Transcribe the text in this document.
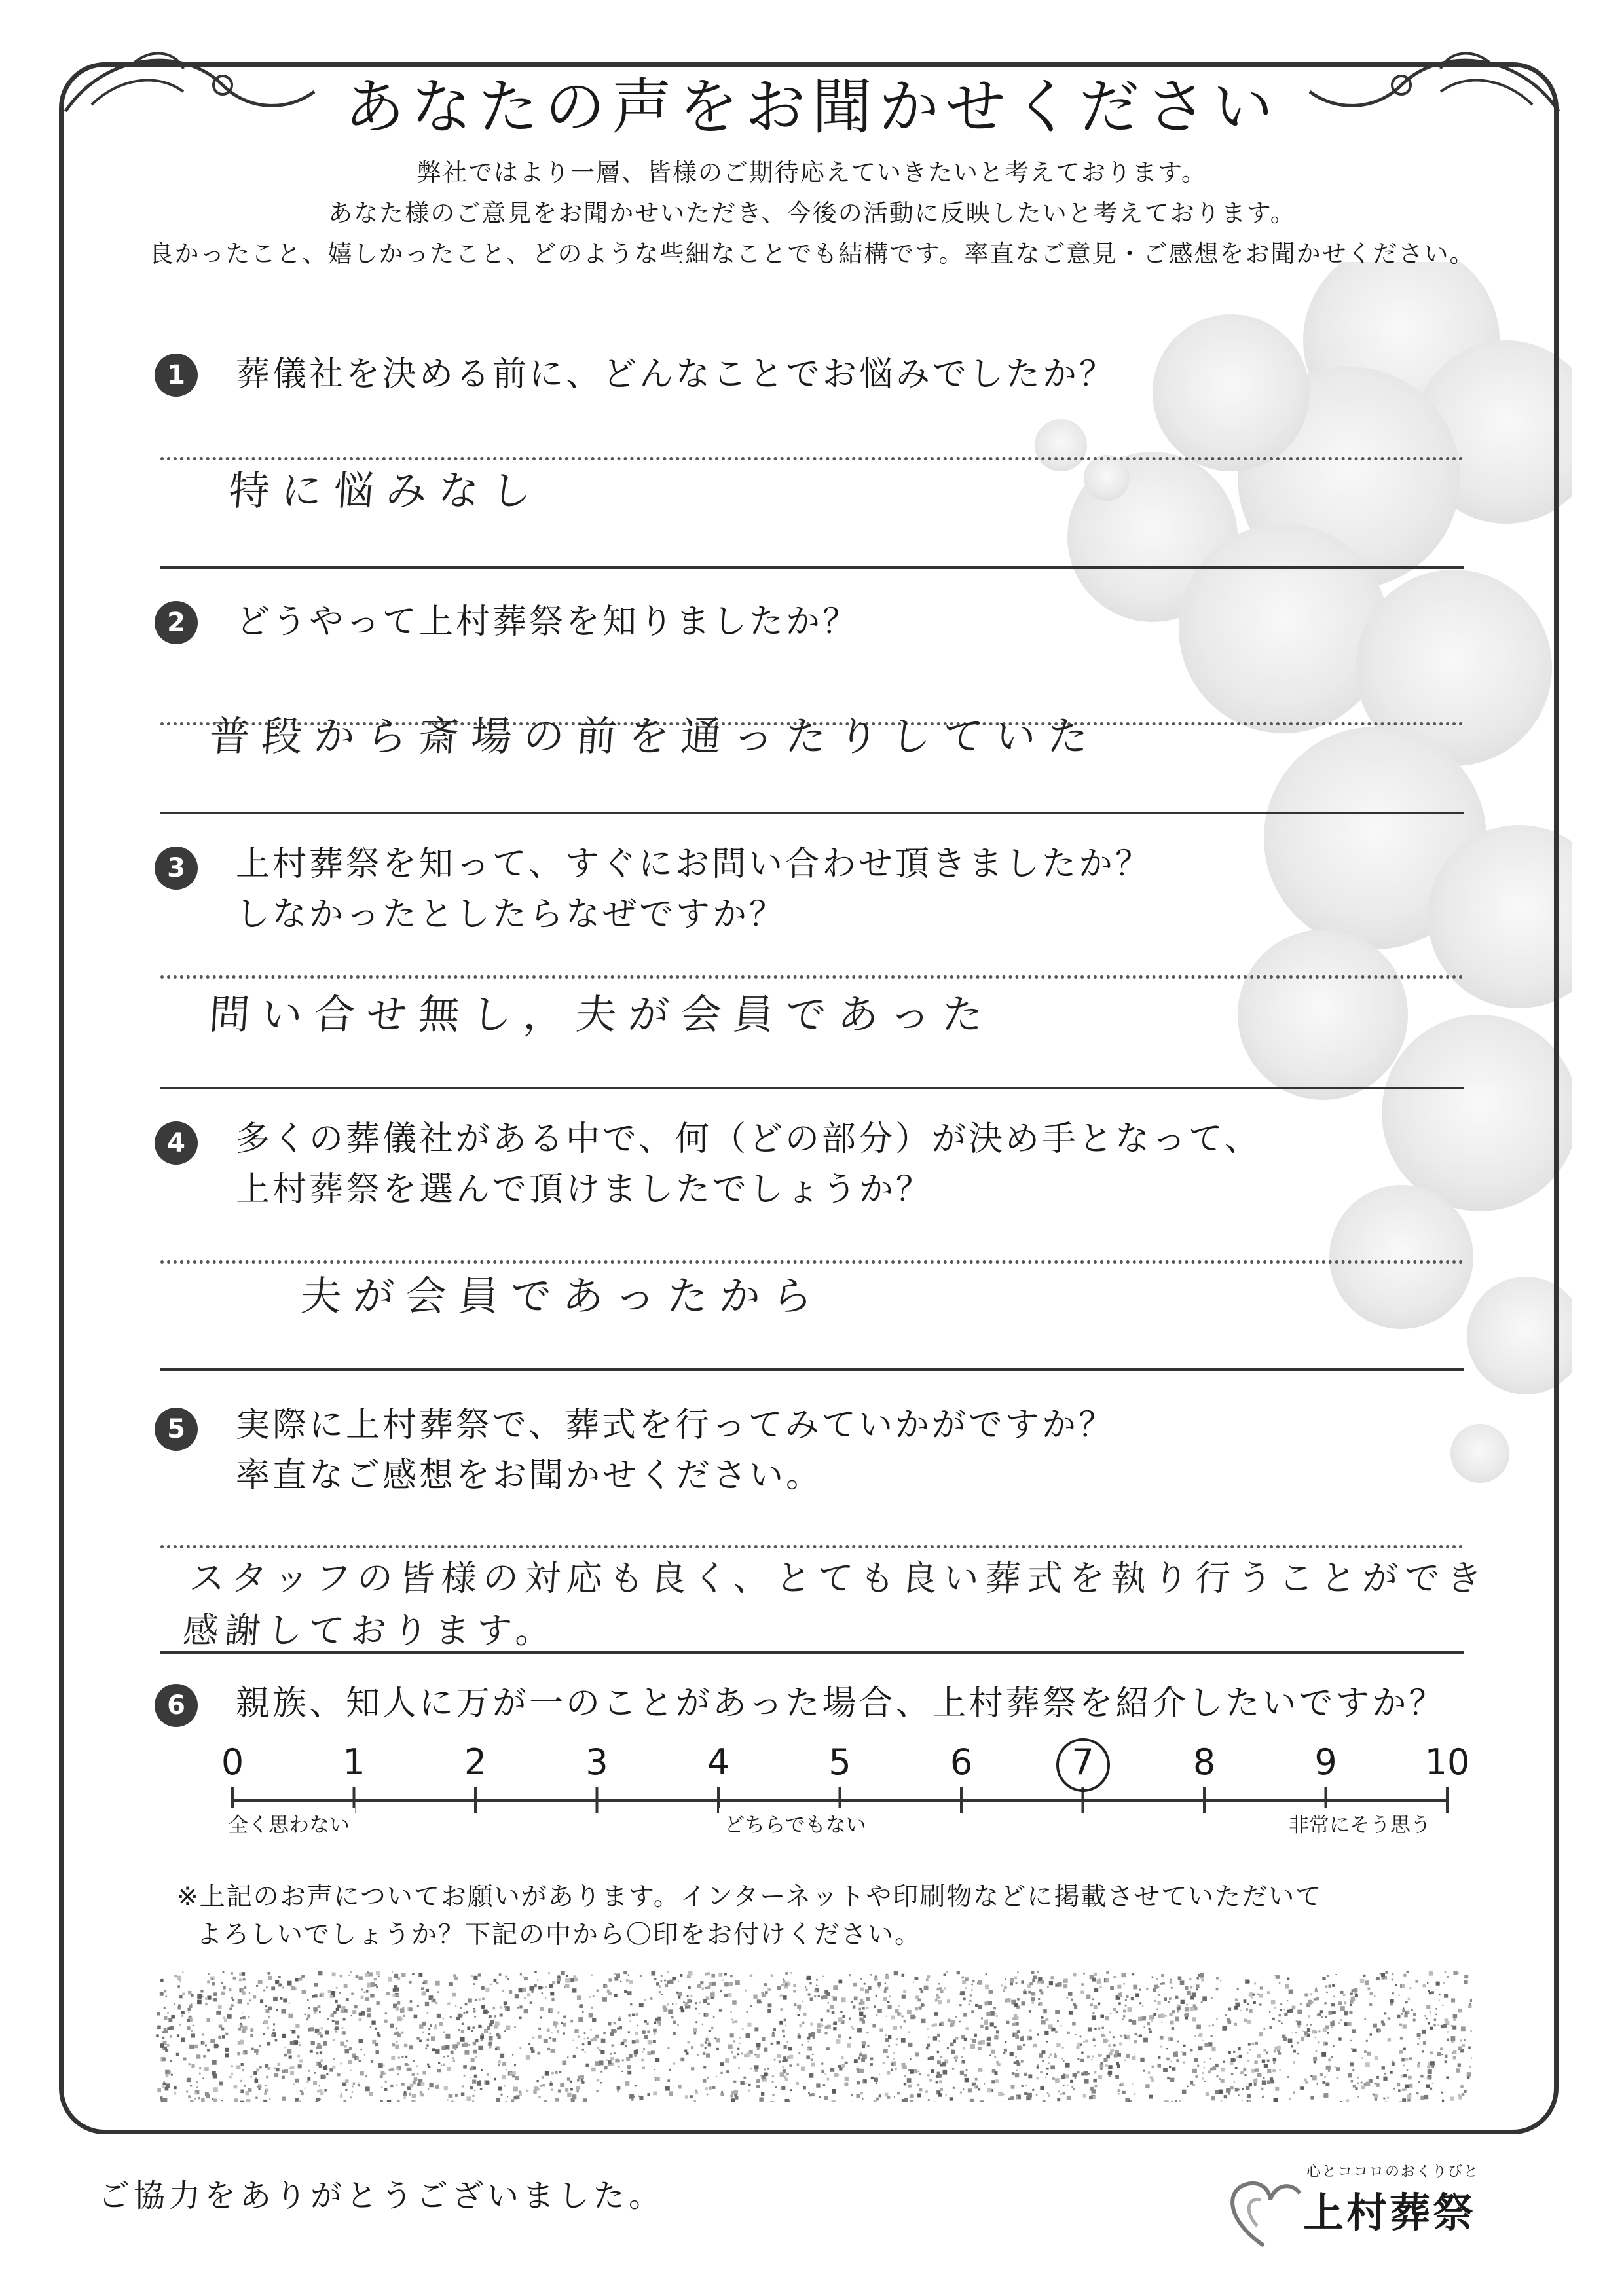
あなたの声をお聞かせください
弊社ではより一層、皆様のご期待応えていきたいと考えております。
あなた様のご意見をお聞かせいただき、今後の活動に反映したいと考えております。
良かったこと、嬉しかったこと、どのような些細なことでも結構です。率直なご意見・ご感想をお聞かせください。
1	葬儀社を決める前に、どんなことでお悩みでしたか？
特に悩みなし
2	どうやって上村葬祭を知りましたか？
普段から斎場の前を通ったりしていた
3	上村葬祭を知って、すぐにお問い合わせ頂きましたか？
しなかったとしたらなぜですか？
問い合せ無し，夫が会員であった
4	多くの葬儀社がある中で、何（どの部分）が決め手となって、
上村葬祭を選んで頂けましたでしょうか？
夫が会員であったから
5	実際に上村葬祭で、葬式を行ってみていかがですか？
率直なご感想をお聞かせください。
スタッフの皆様の対応も良く、とても良い葬式を執り行うことができ
感謝しております。
6	親族、知人に万が一のことがあった場合、上村葬祭を紹介したいですか？
0	1	2	3	4	5	6	7	8	9 10
全く思わない	どちらでもない	非常にそう思う
※上記のお声についてお願いがあります。インターネットや印刷物などに掲載させていただいて
よろしいでしょうか？下記の中から〇印をお付けください。
ご協力をありがとうございました。
心とココロのおくりびと
上村葬祭
